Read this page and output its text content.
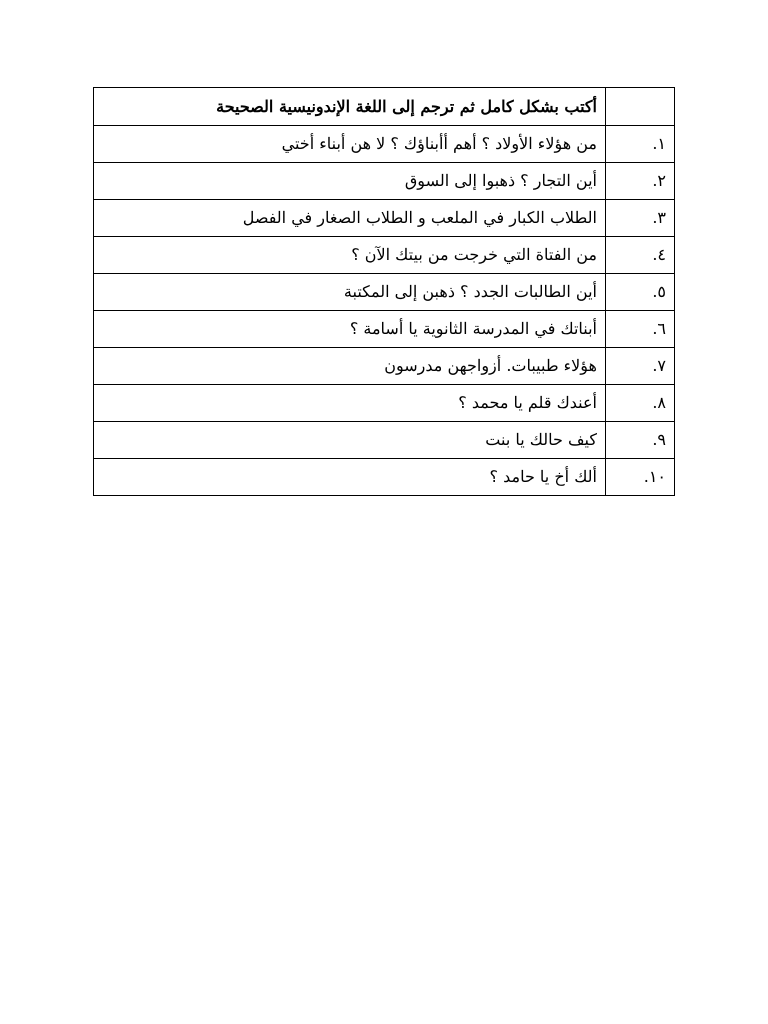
	أكتب بشكل كامل ثم ترجم إلى اللغة الإندونيسية الصحيحة
١.	من هؤلاء الأولاد ؟ أهم أأبناؤك ؟ لا هن أبناء أختي
٢.	أين التجار ؟ ذهبوا إلى السوق
٣.	الطلاب الكبار في الملعب و الطلاب الصغار في الفصل
٤.	من الفتاة التي خرجت من بيتك الآن ؟
٥.	أين الطالبات الجدد ؟ ذهبن إلى المكتبة
٦.	أبناتك في المدرسة الثانوية يا أسامة ؟
٧.	هؤلاء طبيبات. أزواجهن مدرسون
٨.	أعندك قلم يا محمد ؟
٩.	كيف حالك يا بنت
١٠.	ألك أخ يا حامد ؟
